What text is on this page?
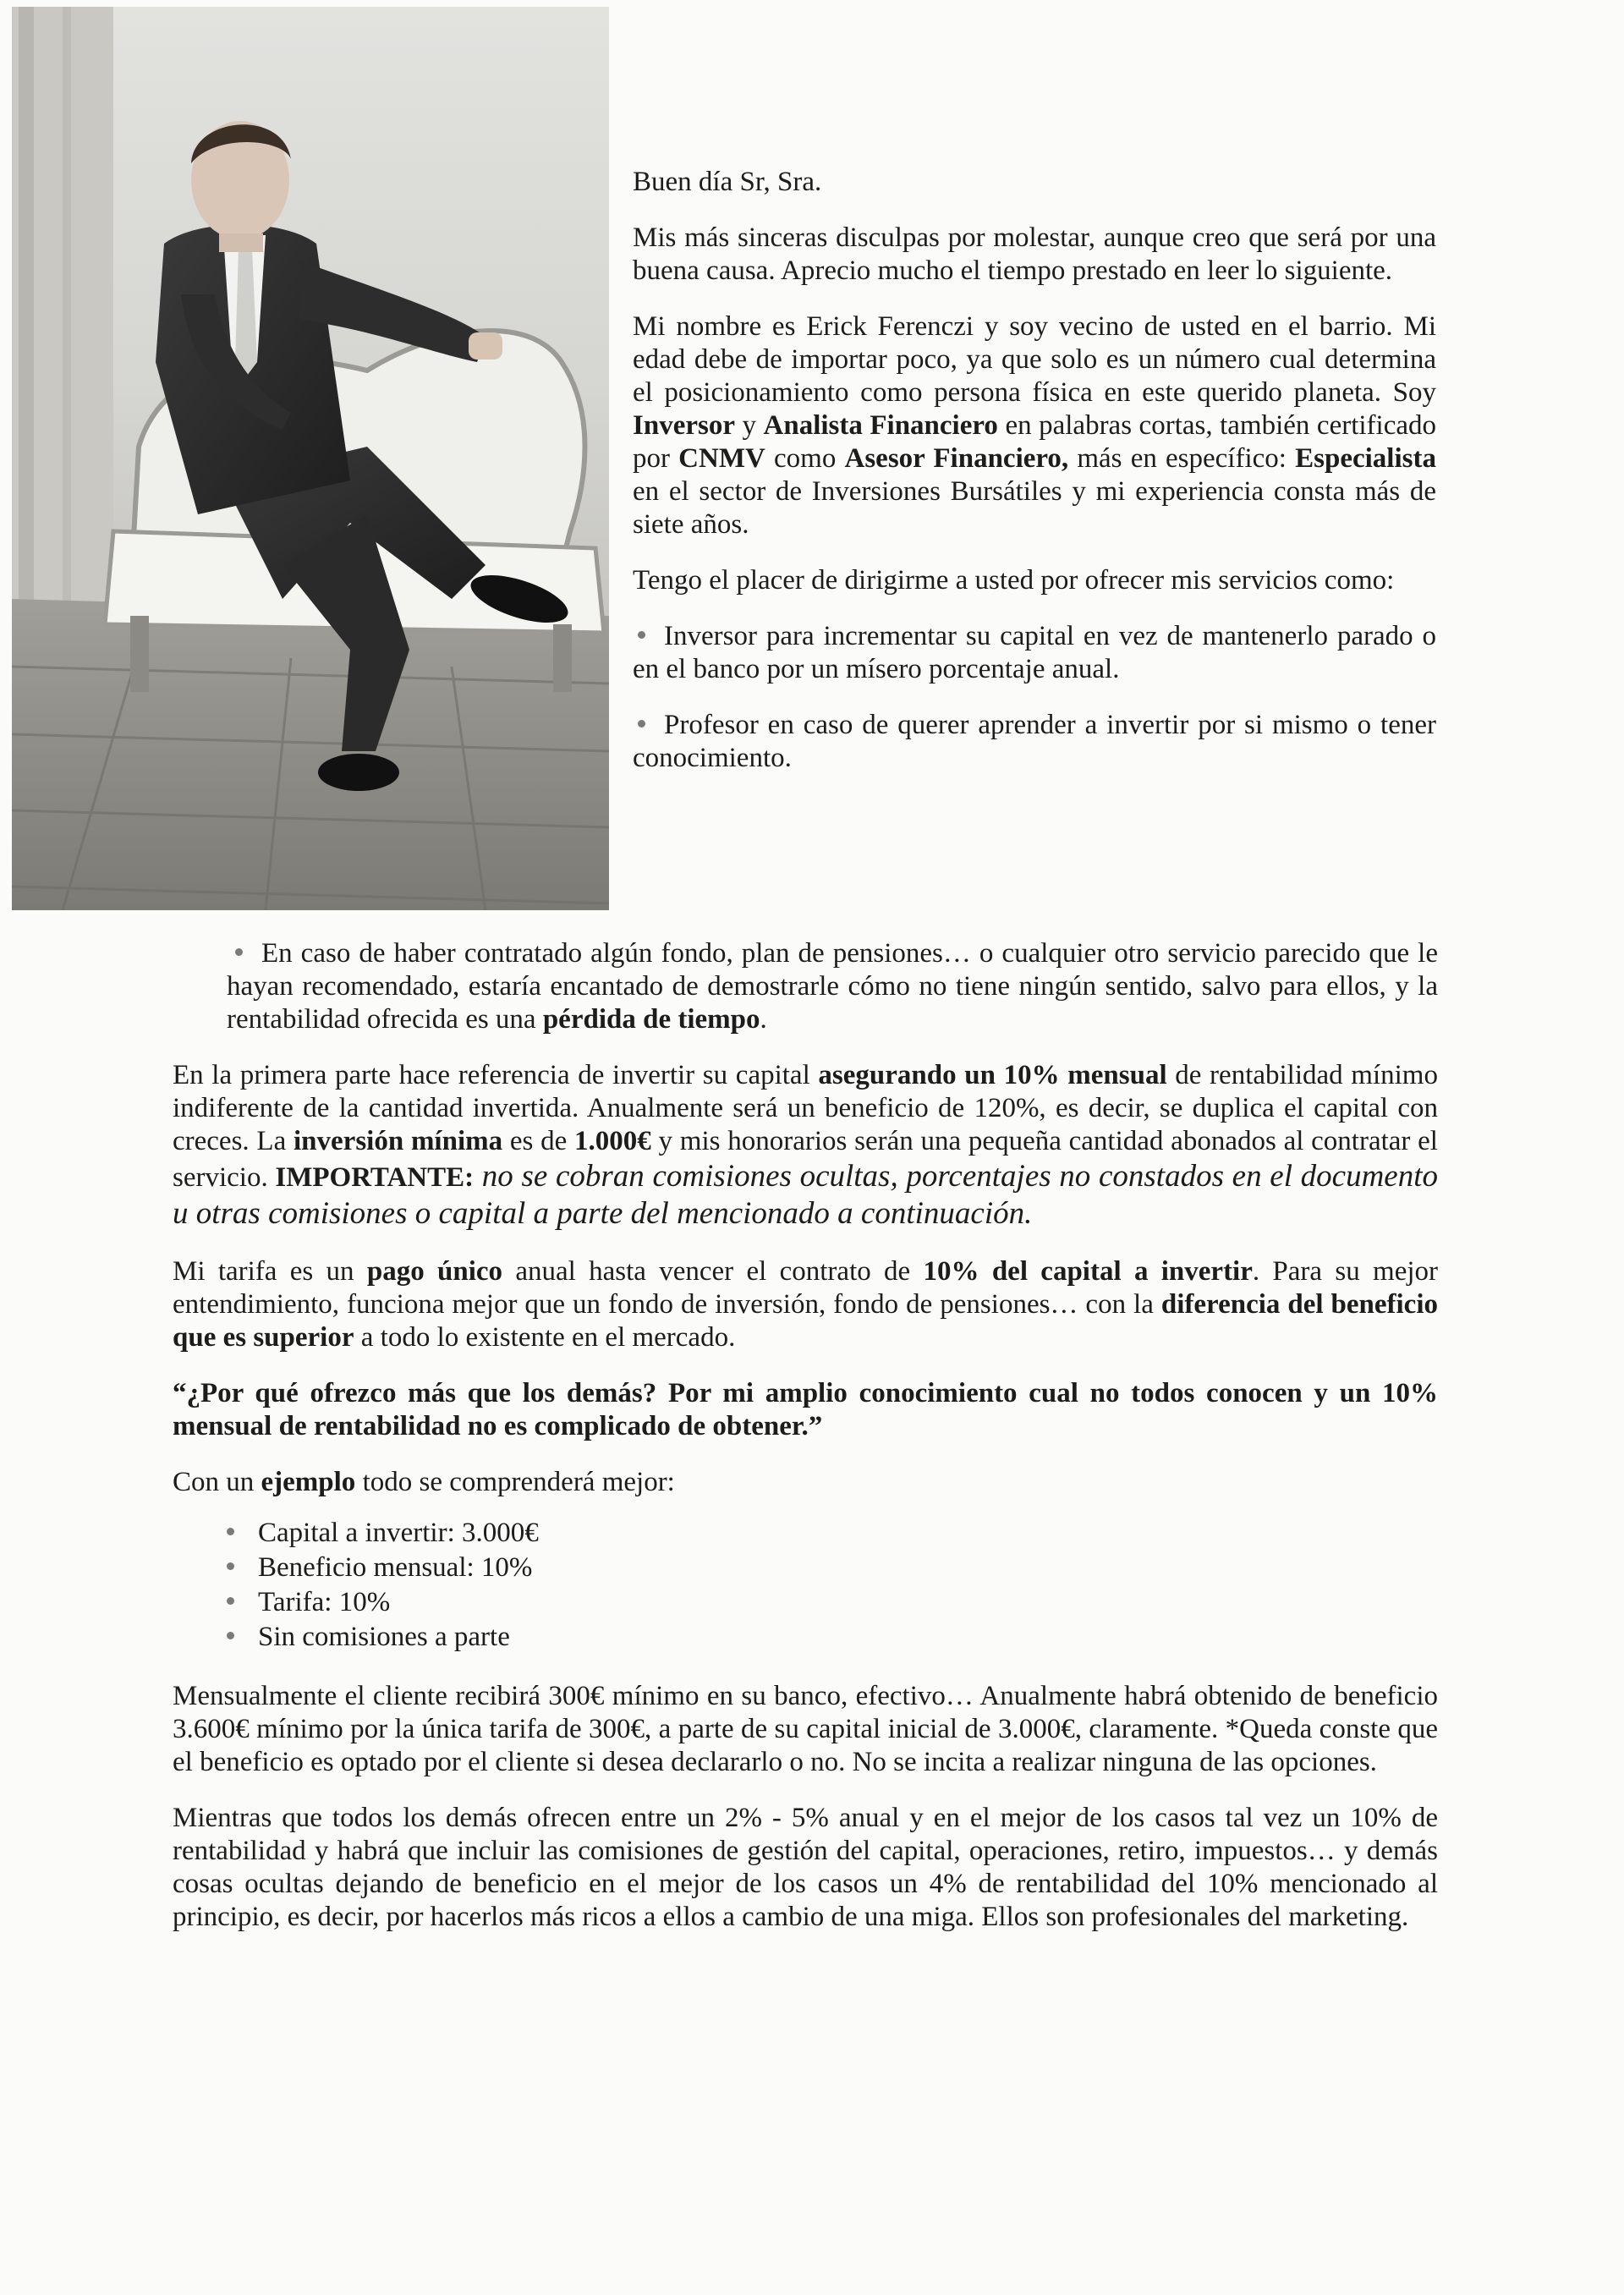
Buen día Sr, Sra.

Mis más sinceras disculpas por molestar, aunque creo que será por una buena causa. Aprecio mucho el tiempo prestado en leer lo siguiente.

Mi nombre es Erick Ferenczi y soy vecino de usted en el barrio. Mi edad debe de importar poco, ya que solo es un número cual determina el posicionamiento como persona física en este querido planeta. Soy Inversor y Analista Financiero en palabras cortas, también certificado por CNMV como Asesor Financiero, más en específico: Especialista en el sector de Inversiones Bursátiles y mi experiencia consta más de siete años.

Tengo el placer de dirigirme a usted por ofrecer mis servicios como:

Inversor para incrementar su capital en vez de mantenerlo parado o en el banco por un mísero porcentaje anual.

Profesor en caso de querer aprender a invertir por si mismo o tener conocimiento.

En caso de haber contratado algún fondo, plan de pensiones… o cualquier otro servicio parecido que le hayan recomendado, estaría encantado de demostrarle cómo no tiene ningún sentido, salvo para ellos, y la rentabilidad ofrecida es una pérdida de tiempo.

En la primera parte hace referencia de invertir su capital asegurando un 10% mensual de rentabilidad mínimo indiferente de la cantidad invertida. Anualmente será un beneficio de 120%, es decir, se duplica el capital con creces. La inversión mínima es de 1.000€ y mis honorarios serán una pequeña cantidad abonados al contratar el servicio. IMPORTANTE: no se cobran comisiones ocultas, porcentajes no constados en el documento u otras comisiones o capital a parte del mencionado a continuación.

Mi tarifa es un pago único anual hasta vencer el contrato de 10% del capital a invertir. Para su mejor entendimiento, funciona mejor que un fondo de inversión, fondo de pensiones… con la diferencia del beneficio que es superior a todo lo existente en el mercado.

“¿Por qué ofrezco más que los demás? Por mi amplio conocimiento cual no todos conocen y un 10% mensual de rentabilidad no es complicado de obtener.”

Con un ejemplo todo se comprenderá mejor:

Capital a invertir: 3.000€
Beneficio mensual: 10%
Tarifa: 10%
Sin comisiones a parte

Mensualmente el cliente recibirá 300€ mínimo en su banco, efectivo… Anualmente habrá obtenido de beneficio 3.600€ mínimo por la única tarifa de 300€, a parte de su capital inicial de 3.000€, claramente. *Queda conste que el beneficio es optado por el cliente si desea declararlo o no. No se incita a realizar ninguna de las opciones.

Mientras que todos los demás ofrecen entre un 2% - 5% anual y en el mejor de los casos tal vez un 10% de rentabilidad y habrá que incluir las comisiones de gestión del capital, operaciones, retiro, impuestos… y demás cosas ocultas dejando de beneficio en el mejor de los casos un 4% de rentabilidad del 10% mencionado al principio, es decir, por hacerlos más ricos a ellos a cambio de una miga. Ellos son profesionales del marketing.
